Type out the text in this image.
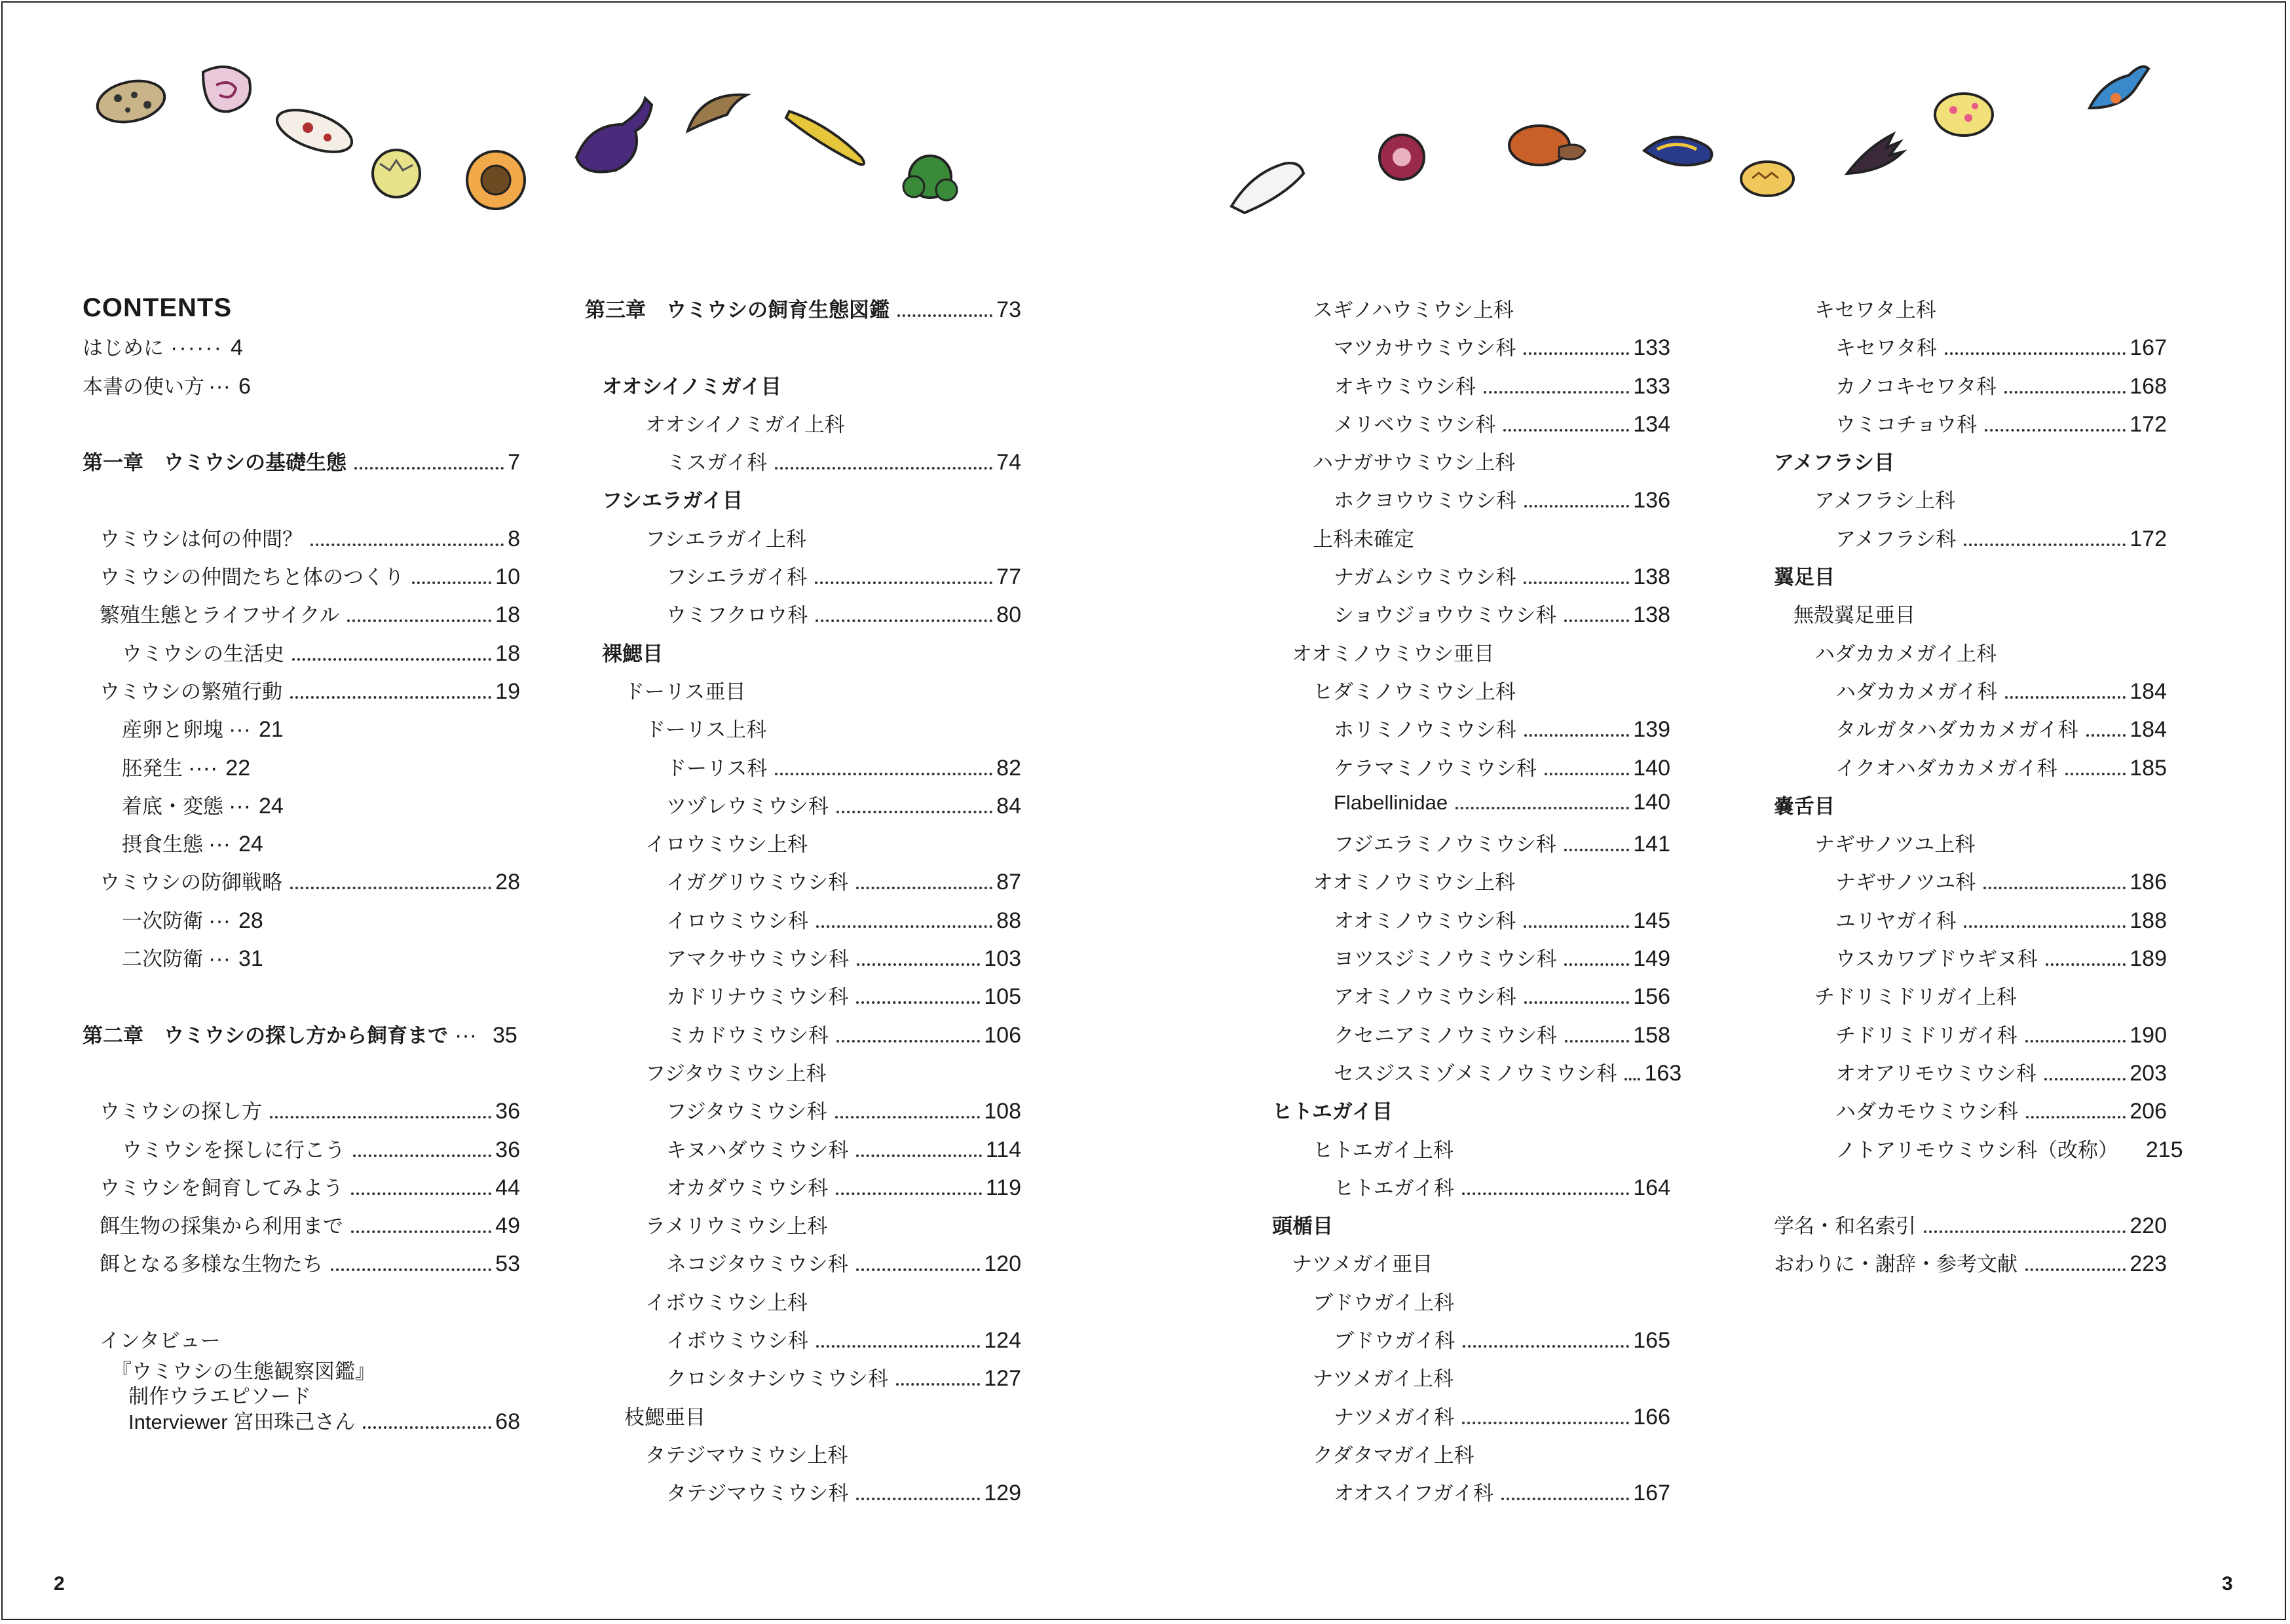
CONTENTS
はじめに ······ 4
本書の使い方 ··· 6
第一章　ウミウシの基礎生態	7
ウミウシは何の仲間？	8
ウミウシの仲間たちと体のつくり	10
繁殖生態とライフサイクル	18
ウミウシの生活史	18
ウミウシの繁殖行動	19
産卵と卵塊 ··· 21
胚発生 ···· 22
着底・変態 ··· 24
摂食生態 ··· 24
ウミウシの防御戦略	28
一次防衛 ··· 28
二次防衛 ··· 31
第二章　ウミウシの探し方から飼育まで ··· 35
ウミウシの探し方	36
ウミウシを探しに行こう	36
ウミウシを飼育してみよう	44
餌生物の採集から利用まで	49
餌となる多様な生物たち	53
インタビュー
『ウミウシの生態観察図鑑』
制作ウラエピソード
Interviewer 宮田珠己さん	68
第三章　ウミウシの飼育生態図鑑	73
オオシイノミガイ目
オオシイノミガイ上科
ミスガイ科	74
フシエラガイ目
フシエラガイ上科
フシエラガイ科	77
ウミフクロウ科	80
裸鰓目
ドーリス亜目
ドーリス上科
ドーリス科	82
ツヅレウミウシ科	84
イロウミウシ上科
イガグリウミウシ科	87
イロウミウシ科	88
アマクサウミウシ科	103
カドリナウミウシ科	105
ミカドウミウシ科	106
フジタウミウシ上科
フジタウミウシ科	108
キヌハダウミウシ科	114
オカダウミウシ科	119
ラメリウミウシ上科
ネコジタウミウシ科	120
イボウミウシ上科
イボウミウシ科	124
クロシタナシウミウシ科	127
枝鰓亜目
タテジマウミウシ上科
タテジマウミウシ科	129
スギノハウミウシ上科
マツカサウミウシ科	133
オキウミウシ科	133
メリベウミウシ科	134
ハナガサウミウシ上科
ホクヨウウミウシ科	136
上科未確定
ナガムシウミウシ科	138
ショウジョウウミウシ科	138
オオミノウミウシ亜目
ヒダミノウミウシ上科
ホリミノウミウシ科	139
ケラマミノウミウシ科	140
Flabellinidae	140
フジエラミノウミウシ科	141
オオミノウミウシ上科
オオミノウミウシ科	145
ヨツスジミノウミウシ科	149
アオミノウミウシ科	156
クセニアミノウミウシ科	158
セスジスミゾメミノウミウシ科 163
ヒトエガイ目
ヒトエガイ上科
ヒトエガイ科	164
頭楯目
ナツメガイ亜目
ブドウガイ上科
ブドウガイ科	165
ナツメガイ上科
ナツメガイ科	166
クダタマガイ上科
オオスイフガイ科	167
キセワタ上科
キセワタ科	167
カノコキセワタ科	168
ウミコチョウ科	172
アメフラシ目
アメフラシ上科
アメフラシ科	172
翼足目
無殻翼足亜目
ハダカカメガイ上科
ハダカカメガイ科	184
タルガタハダカカメガイ科 184
イクオハダカカメガイ科	185
嚢舌目
ナギサノツユ上科
ナギサノツユ科	186
ユリヤガイ科	188
ウスカワブドウギヌ科	189
チドリミドリガイ上科
チドリミドリガイ科	190
オオアリモウミウシ科	203
ハダカモウミウシ科	206
ノトアリモウミウシ科（改称） 215
学名・和名索引	220
おわりに・謝辞・参考文献	223
2	3
